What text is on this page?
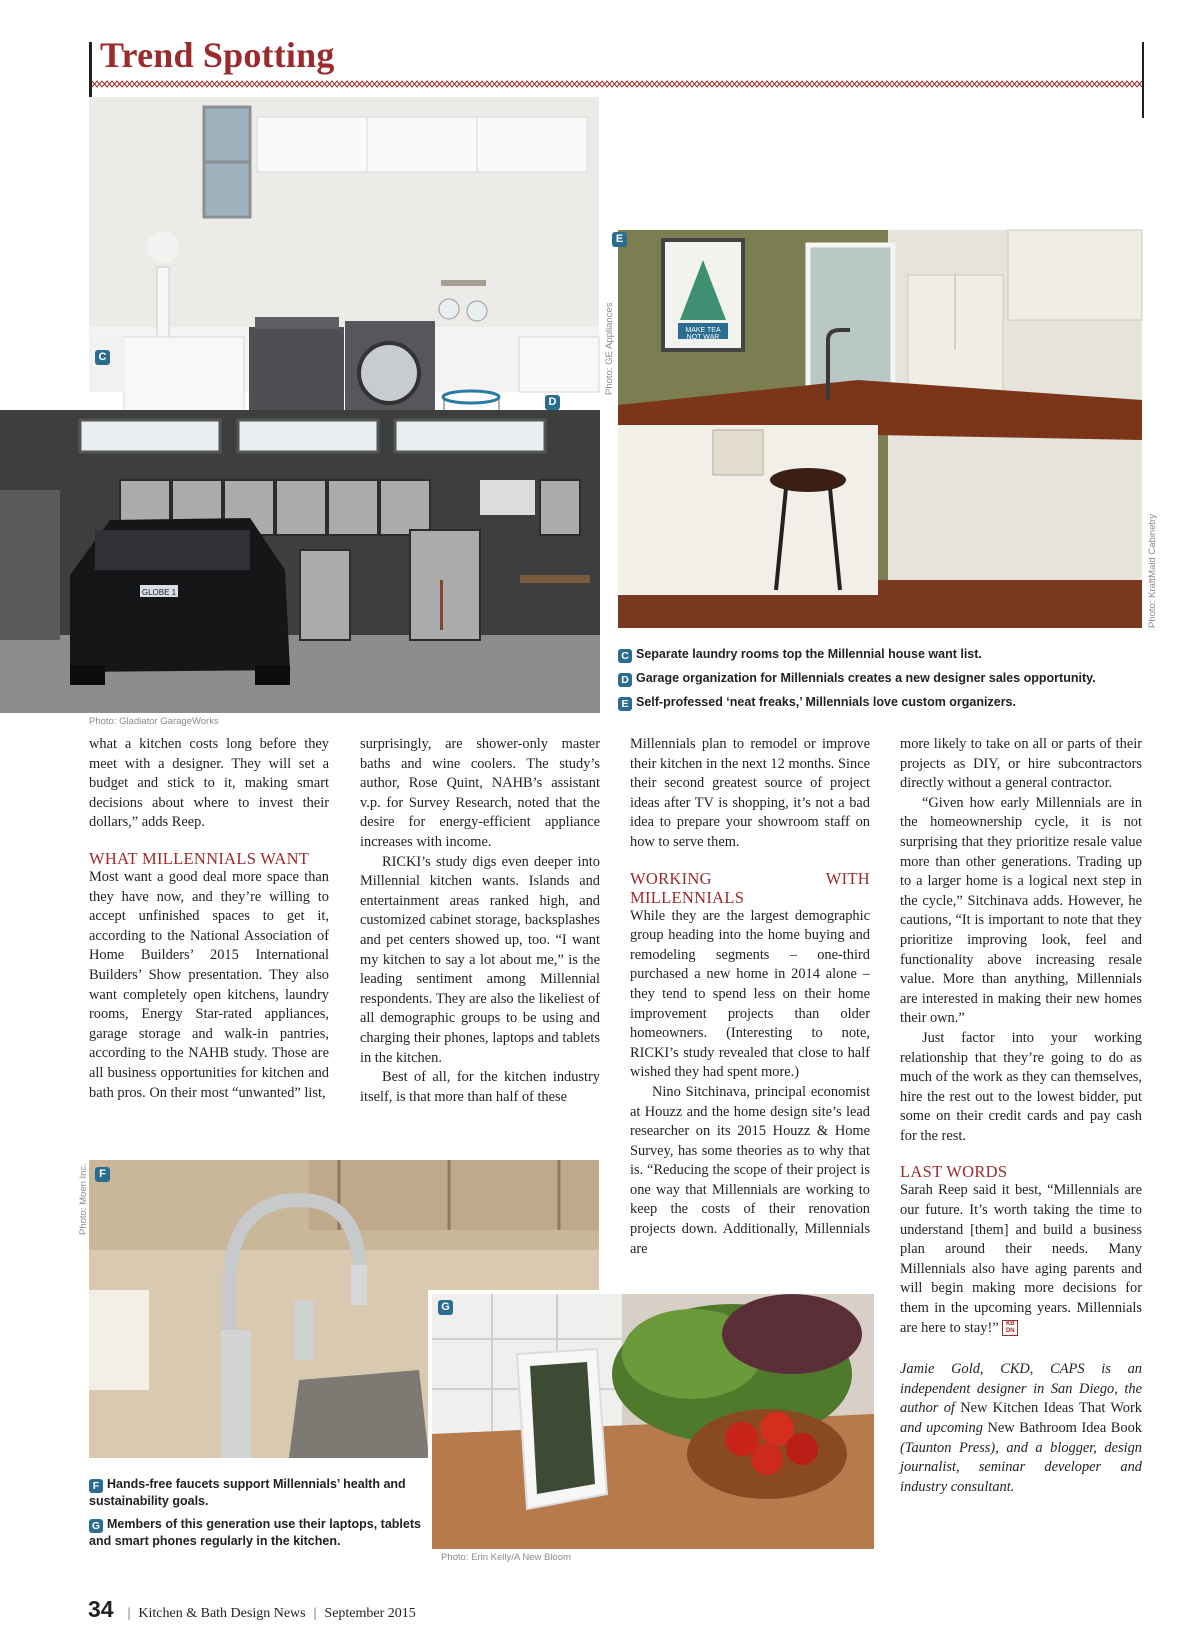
Trend Spotting
C	Photo: GE Appliances
GLOBE 1
D
Photo: Gladiator GarageWorks
MAKE TEA
NOT WAR
E
Photo: KraftMaid Cabinetry
C Separate laundry rooms top the Millennial house want list.
D Garage organization for Millennials creates a new designer sales opportunity.
E Self-professed ‘neat freaks,’ Millennials love custom organizers.

what a kitchen costs long before they meet with a designer. They will set a budget and stick to it, making smart decisions about where to invest their dollars,” adds Reep.

WHAT MILLENNIALS WANT

Most want a good deal more space than they have now, and they’re willing to accept unfinished spaces to get it, according to the National Association of Home Builders’ 2015 International Builders’ Show presentation. They also want completely open kitchens, laundry rooms, Energy Star-rated appliances, garage storage and walk-in pantries, according to the NAHB study. Those are all business opportunities for kitchen and bath pros. On their most “unwanted” list,

surprisingly, are shower-only master baths and wine coolers. The study’s author, Rose Quint, NAHB’s assistant v.p. for Survey Research, noted that the desire for energy-efficient appliance increases with income.

RICKI’s study digs even deeper into Millennial kitchen wants. Islands and entertainment areas ranked high, and customized cabinet storage, backsplashes and pet centers showed up, too. “I want my kitchen to say a lot about me,” is the leading sentiment among Millennial respondents. They are also the likeliest of all demographic groups to be using and charging their phones, laptops and tablets in the kitchen.

Best of all, for the kitchen industry itself, is that more than half of these

Millennials plan to remodel or improve their kitchen in the next 12 months. Since their second greatest source of project ideas after TV is shopping, it’s not a bad idea to prepare your showroom staff on how to serve them.

WORKING WITH MILLENNIALS

While they are the largest demographic group heading into the home buying and remodeling segments – one-third purchased a new home in 2014 alone – they tend to spend less on their home improvement projects than older homeowners. (Interesting to note, RICKI’s study revealed that close to half wished they had spent more.)

Nino Sitchinava, principal economist at Houzz and the home design site’s lead researcher on its 2015 Houzz & Home Survey, has some theories as to why that is. “Reducing the scope of their project is one way that Millennials are working to keep the costs of their renovation projects down. Additionally, Millennials are

more likely to take on all or parts of their projects as DIY, or hire subcontractors directly without a general contractor.

“Given how early Millennials are in the homeownership cycle, it is not surprising that they prioritize resale value more than other generations. Trading up to a larger home is a logical next step in the cycle,” Sitchinava adds. However, he cautions, “It is important to note that they prioritize improving look, feel and functionality above increasing resale value. More than anything, Millennials are interested in making their new homes their own.”

Just factor into your working relationship that they’re going to do as much of the work as they can themselves, hire the rest out to the lowest bidder, put some on their credit cards and pay cash for the rest.

LAST WORDS

Sarah Reep said it best, “Millennials are our future. It’s worth taking the time to understand [them] and build a business plan around their needs. Many Millennials also have aging parents and will begin making more decisions for them in the upcoming years. Millennials are here to stay!” KB
DN

Jamie Gold, CKD, CAPS is an independent designer in San Diego, the author of New Kitchen Ideas That Work and upcoming New Bathroom Idea Book (Taunton Press), and a blogger, design journalist, seminar developer and industry consultant.

F
Photo: Moen Inc.
G
Photo: Erin Kelly/A New Bloom
F Hands-free faucets support Millennials’ health and sustainability goals.
G Members of this generation use their laptops, tablets and smart phones regularly in the kitchen.
34 | Kitchen & Bath Design News | September 2015
